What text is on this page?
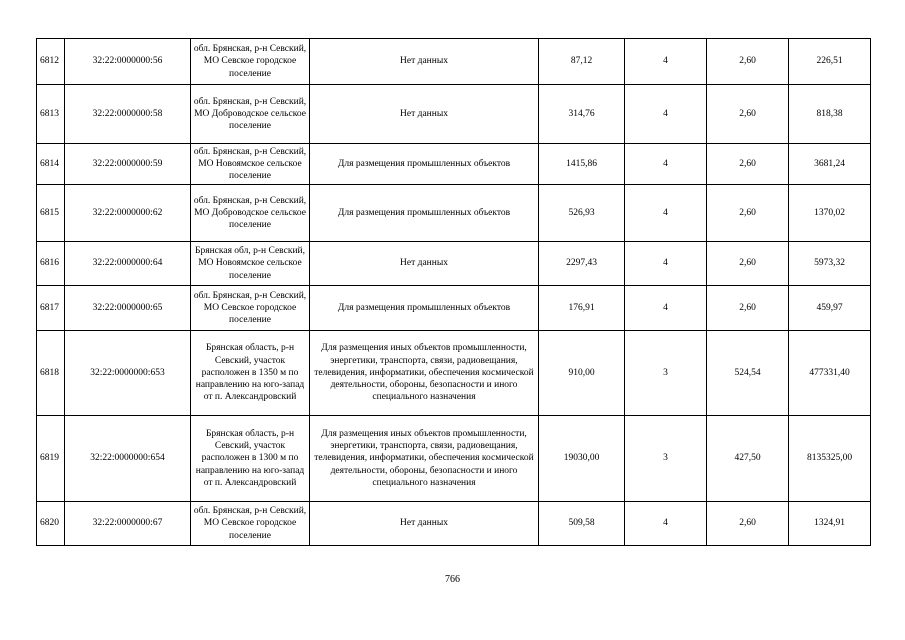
6812	32:22:0000000:56	обл. Брянская, р-н Севский, МО Севское городское поселение	Нет данных	87,12	4	2,60	226,51
6813	32:22:0000000:58	обл. Брянская, р-н Севский, МО Доброводское сельское поселение	Нет данных	314,76	4	2,60	818,38
6814	32:22:0000000:59	обл. Брянская, р-н Севский, МО Новоямское сельское поселение	Для размещения промышленных объектов	1415,86	4	2,60	3681,24
6815	32:22:0000000:62	обл. Брянская, р-н Севский, МО Доброводское сельское поселение	Для размещения промышленных объектов	526,93	4	2,60	1370,02
6816	32:22:0000000:64	Брянская обл, р-н Севский, МО Новоямское сельское поселение	Нет данных	2297,43	4	2,60	5973,32
6817	32:22:0000000:65	обл. Брянская, р-н Севский, МО Севское городское поселение	Для размещения промышленных объектов	176,91	4	2,60	459,97
6818	32:22:0000000:653	Брянская область, р-н Севский, участок расположен в 1350 м по направлению на юго-запад от п. Александровский	Для размещения иных объектов промышленности, энергетики, транспорта, связи, радиовещания, телевидения, информатики, обеспечения космической деятельности, обороны, безопасности и иного специального назначения	910,00	3	524,54	477331,40
6819	32:22:0000000:654	Брянская область, р-н Севский, участок расположен в 1300 м по направлению на юго-запад от п. Александровский	Для размещения иных объектов промышленности, энергетики, транспорта, связи, радиовещания, телевидения, информатики, обеспечения космической деятельности, обороны, безопасности и иного специального назначения	19030,00	3	427,50	8135325,00
6820	32:22:0000000:67	обл. Брянская, р-н Севский, МО Севское городское поселение	Нет данных	509,58	4	2,60	1324,91
766
